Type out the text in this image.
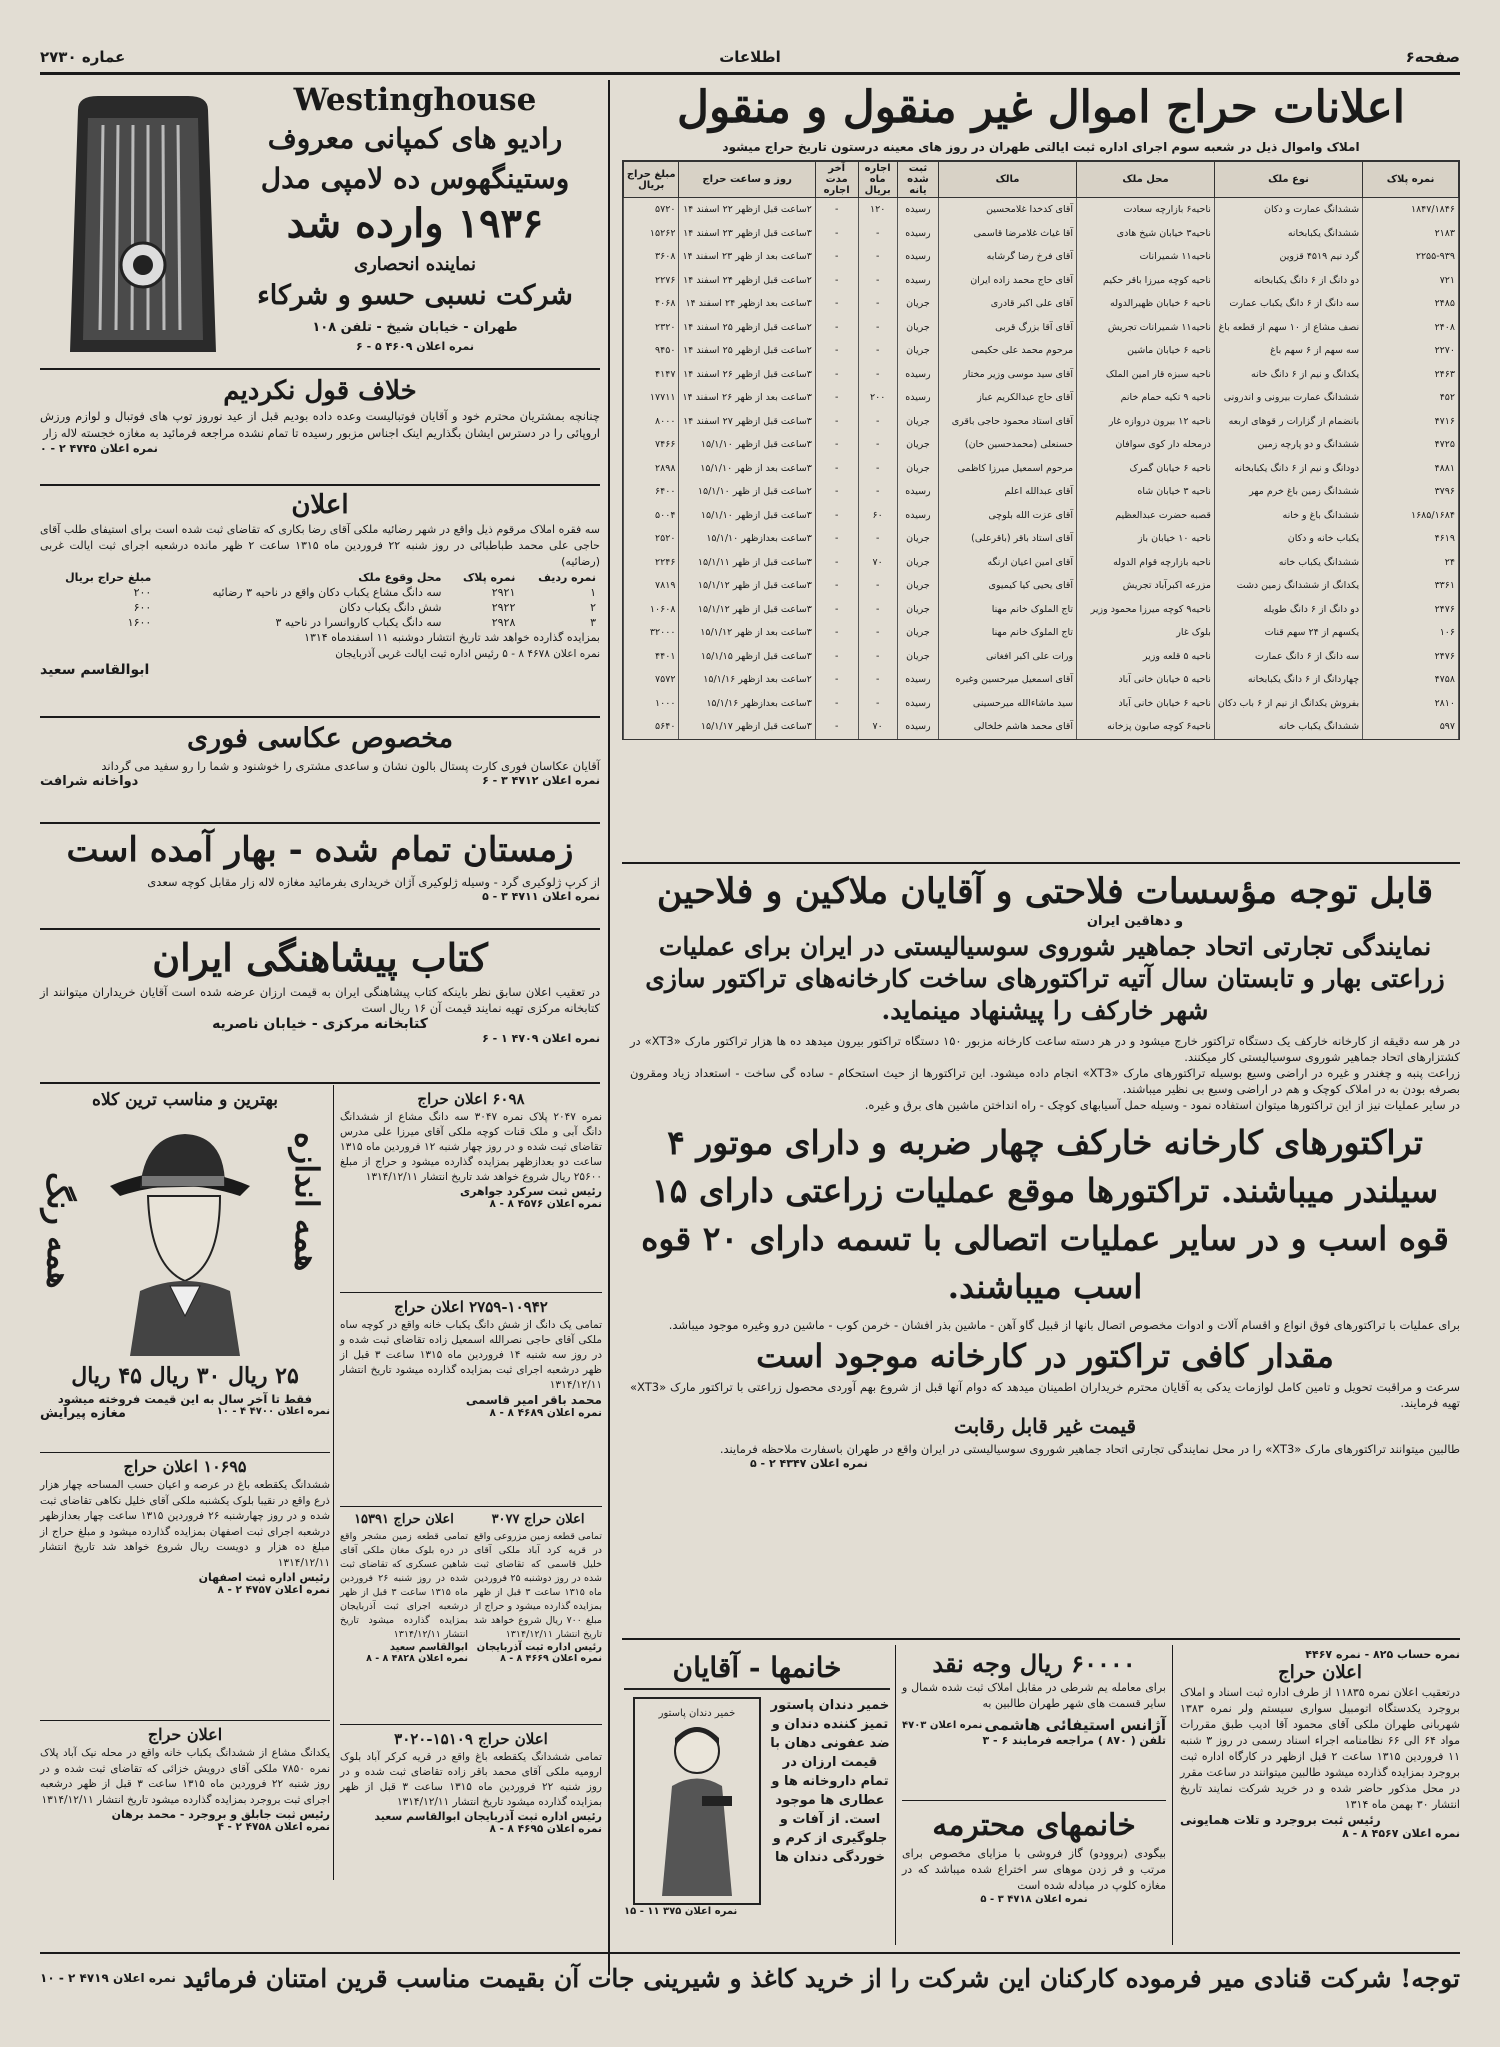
صفحه۶
اطلاعات
عماره ۲۷۳۰
اعلانات حراج اموال غیر منقول و منقول
املاک واموال ذیل در شعبه سوم اجرای اداره ثبت ایالتی طهران در روز های معینه درستون تاریخ حراج میشود
نمره پلاک	نوع ملک	محل ملک	مالک	ثبت شده یانه	اجاره ماه بریال	آخر مدت اجاره	روز و ساعت حراج	مبلغ حراج بریال
۱۸۴۷/۱۸۴۶	ششدانگ عمارت و دکان	ناحیه۶ بازارچه سعادت	آقای کدخدا غلامحسین	رسیده	۱۲۰	-	۲ساعت قبل ازظهر ۲۲ اسفند ۱۴	۵۷۲۰
۲۱۸۳	ششدانگ یکبابخانه	ناحیه۳ خیابان شیخ هادی	آقا غیاث غلامرضا قاسمی	رسیده	-	-	۳ساعت قبل ازظهر ۲۳ اسفند ۱۴	۱۵۲۶۲
۲۲۵۵-۹۳۹	گرد نیم ۴۵۱۹ قزوین	ناحیه۱۱ شمیرانات	آقای فرخ رضا گرشابه	رسیده	-	-	۳ساعت بعد از ظهر ۲۳ اسفند ۱۴	۳۶۰۸
۷۲۱	دو دانگ از ۶ دانگ یکبابخانه	ناحیه کوچه میرزا باقر حکیم	آقای حاج محمد زاده ایران	رسیده	-	-	۲ساعت قبل ازظهر ۲۴ اسفند ۱۴	۲۲۷۶
۲۴۸۵	سه دانگ از ۶ دانگ یکباب عمارت	ناحیه ۶ خیابان ظهیرالدوله	آقای علی اکبر قادری	جریان	-	-	۳ساعت بعد ازظهر ۲۴ اسفند ۱۴	۴۰۶۸
۲۴۰۸	نصف مشاع از ۱۰ سهم از قطعه باغ	ناحیه۱۱ شمیرانات تجریش	آقای آقا بزرگ قربی	جریان	-	-	۲ساعت قبل ازظهر ۲۵ اسفند ۱۴	۲۳۲۰
۲۲۷۰	سه سهم از ۶ سهم باغ	ناحیه ۶ خیابان ماشین	مرحوم محمد علی حکیمی	جریان	-	-	۲ساعت قبل ازظهر ۲۵ اسفند ۱۴	۹۴۵۰
۲۴۶۳	یکدانگ و نیم از ۶ دانگ خانه	ناحیه سبزه قار امین الملک	آقای سید موسی وزیر مختار	رسیده	-	-	۳ساعت قبل ازظهر ۲۶ اسفند ۱۴	۴۱۴۷
۴۵۲	ششدانگ عمارت بیرونی و اندرونی	ناحیه ۹ تکیه حمام خانم	آقای حاج عبدالکریم عباز	رسیده	۲۰۰	-	۳ساعت بعد از ظهر ۲۶ اسفند ۱۴	۱۷۷۱۱
۴۷۱۶	بانضمام از گزارات ر قوهای اربعه	ناحیه ۱۲ بیرون دروازه غار	آقای استاد محمود حاجی باقری	جریان	-	-	۳ساعت قبل ازظهر ۲۷ اسفند ۱۴	۸۰۰۰
۴۷۲۵	ششدانگ و دو پارچه زمین	درمحله دار کوی سوافان	حسنعلی (محمدحسین خان)	جریان	-	-	۳ساعت قبل ازظهر ۱۵/۱/۱۰	۷۴۶۶
۴۸۸۱	دودانگ و نیم از ۶ دانگ یکبابخانه	ناحیه ۶ خیابان گمرک	مرحوم اسمعیل میرزا کاظمی	جریان	-	-	۳ساعت بعد از ظهر ۱۵/۱/۱۰	۲۸۹۸
۳۷۹۶	ششدانگ زمین باغ خرم مهر	ناحیه ۳ خیابان شاه	آقای عبدالله اعلم	رسیده	-	-	۲ساعت قبل از ظهر ۱۵/۱/۱۰	۶۴۰۰
۱۶۸۵/۱۶۸۴	ششدانگ باغ و خانه	قصبه حضرت عبدالعظیم	آقای عزت الله بلوچی	رسیده	۶۰	-	۳ساعت قبل ازظهر ۱۵/۱/۱۰	۵۰۰۴
۴۶۱۹	یکباب خانه و دکان	ناحیه ۱۰ خیابان باز	آقای استاد باقر (باقرعلی)	جریان	-	-	۳ساعت بعدازظهر ۱۵/۱/۱۰	۲۵۲۰
۲۴	ششدانگ یکباب خانه	ناحیه بازارچه قوام الدوله	آقای امین اعیان ارنگه	جریان	۷۰	-	۳ساعت قبل از ظهر ۱۵/۱/۱۱	۲۲۴۶
۳۳۶۱	یکدانگ از ششدانگ زمین دشت	مزرعه اکبرآباد تجریش	آقای یحیی کیا کیمیوی	جریان	-	-	۳ساعت قبل از ظهر ۱۵/۱/۱۲	۷۸۱۹
۲۴۷۶	دو دانگ از ۶ دانگ طویله	ناحیه۹ کوچه میرزا محمود وزیر	تاج الملوک خانم مهنا	جریان	-	-	۳ساعت قبل از ظهر ۱۵/۱/۱۲	۱۰۶۰۸
۱۰۶	یکسهم از ۲۴ سهم قنات	بلوک غار	تاج الملوک خانم مهنا	جریان	-	-	۳ساعت بعد از ظهر ۱۵/۱/۱۲	۳۲۰۰۰
۲۴۷۶	سه دانگ از ۶ دانگ عمارت	ناحیه ۵ قلعه وزیر	ورات علی اکبر افغانی	جریان	-	-	۳ساعت قبل ازظهر ۱۵/۱/۱۵	۴۴۰۱
۴۷۵۸	چهاردانگ از ۶ دانگ یکبابخانه	ناحیه ۵ خیابان خانی آباد	آقای اسمعیل میرحسین وغیره	رسیده	-	-	۲ساعت بعد ازظهر ۱۵/۱/۱۶	۷۵۷۲
۲۸۱۰	بفروش یکدانگ از نیم از ۶ باب دکان	ناحیه ۶ خیابان خانی آباد	سید ماشاءالله میرحسینی	رسیده	-	-	۳ساعت بعدازظهر ۱۵/۱/۱۶	۱۰۰۰
۵۹۷	ششدانگ یکباب خانه	ناحیه۶ کوچه صابون پزخانه	آقای محمد هاشم خلخالی	رسیده	۷۰	-	۳ساعت قبل ازظهر ۱۵/۱/۱۷	۵۶۴۰
قابل توجه مؤسسات فلاحتی و آقایان ملاکین و فلاحین
و دهاقین ایران
نمایندگی تجارتی اتحاد جماهیر شوروی سوسیالیستی در ایران برای عملیات زراعتی بهار و تابستان سال آتیه تراکتورهای ساخت کارخانه‌های تراکتور سازی شهر خارکف را پیشنهاد مینماید.
در هر سه دقیقه از کارخانه خارکف یک دستگاه تراکتور خارج میشود و در هر دسته ساعت کارخانه مزبور ۱۵۰ دستگاه تراکتور بیرون میدهد ده ها هزار تراکتور مارک «XT3» در کشتزارهای اتحاد جماهیر شوروی سوسیالیستی کار میکنند.
زراعت پنبه و چغندر و غیره در اراضی وسیع بوسیله تراکتورهای مارک «XT3» انجام داده میشود. این تراکتورها از حیث استحکام - ساده گی ساخت - استعداد زیاد ومقرون بصرفه بودن به در املاک کوچک و هم در اراضی وسیع بی نظیر میباشند.
در سایر عملیات نیز از این تراکتورها میتوان استفاده نمود - وسیله حمل آسیابهای کوچک - راه انداختن ماشین های برق و غیره.
تراکتورهای کارخانه خارکف چهار ضربه و دارای موتور ۴ سیلندر میباشند. تراکتورها موقع عملیات زراعتی دارای ۱۵ قوه اسب و در سایر عملیات اتصالی با تسمه دارای ۲۰ قوه اسب میباشند.
برای عملیات با تراکتورهای فوق انواع و اقسام آلات و ادوات مخصوص اتصال بانها از قبیل گاو آهن - ماشین بذر افشان - خرمن کوب - ماشین درو وغیره موجود میباشد.
مقدار کافی تراکتور در کارخانه موجود است
سرعت و مراقبت تحویل و تامین کامل لوازمات یدکی به آقایان محترم خریداران اطمینان میدهد که دوام آنها قبل از شروع بهم آوردی محصول زراعتی با تراکتور مارک «XT3» تهیه فرمایند.
قیمت غیر قابل رقابت
طالبین میتوانند تراکتورهای مارک «XT3» را در محل نمایندگی تجارتی اتحاد جماهیر شوروی سوسیالیستی در ایران واقع در طهران باسفارت ملاحظه فرمایند.
نمره اعلان ۴۳۴۷ ۲ - ۵
نمره حساب ۸۲۵ - نمره ۴۴۶۷
اعلان حراج
درتعقیب اعلان نمره ۱۱۸۳۵ از طرف اداره ثبت اسناد و املاک بروجرد یکدستگاه اتومبیل سواری سیستم ولر نمره ۱۳۸۳ شهربانی طهران ملکی آقای محمود آقا ادیب طبق مقررات مواد ۶۴ الی ۶۶ نظامنامه اجراء اسناد رسمی در روز ۳ شنبه ۱۱ فروردین ۱۳۱۵ ساعت ۲ قبل ازظهر در کارگاه اداره ثبت بروجرد بمزایده گذارده میشود طالبین میتوانند در ساعت مقرر در محل مذکور حاضر شده و در خرید شرکت نمایند تاریخ انتشار ۳۰ بهمن ماه ۱۳۱۴
رئیس ثبت بروجرد و تلات همایونی
نمره اعلان ۴۵۶۷ ۸ - ۸
۶۰۰۰۰ ریال وجه نقد
برای معامله یم شرطی در مقابل املاک ثبت شده شمال و سایر قسمت های شهر طهران طالبین به
آژانس استیفائی هاشمی
نمره اعلان ۴۷۰۳
تلفن ( ۸۷۰ ) مراجعه فرمایند ۶ - ۳
خانمهای محترمه
بیگودی (بروودو) گاز فروشی با مزایای مخصوص برای مرتب و فر زدن موهای سر اختراع شده میباشد که در مغازه کلوپ در مبادله شده است
نمره اعلان ۴۷۱۸ ۳ - ۵
خانمها - آقایان
خمیر دندان پاستور تمیز کننده دندان و ضد عفونی دهان با قیمت ارزان در تمام داروخانه ها و عطاری ها موجود است. از آفات و جلوگیری از کرم و خوردگی دندان ها
خمیر دندان پاستور
نمره اعلان ۳۷۵ ۱۱ - ۱۵
Westinghouse
رادیو های کمپانی معروف
وستینگهوس ده لامپی مدل
۱۹۳۶ وارده شد
نماینده انحصاری
شرکت نسبی حسو و شرکاء
طهران - خیابان شیخ - تلفن ۱۰۸
نمره اعلان ۴۶۰۹ ۵ - ۶
خلاف قول نکردیم
چنانچه بمشتریان محترم خود و آقایان فوتبالیست وعده داده بودیم قبل از عید نوروز توپ های فوتبال و لوازم ورزش اروپائی را در دسترس ایشان بگذاریم اینک اجناس مزبور رسیده تا تمام نشده مراجعه فرمائید به مغازه خجسته لاله زار
نمره اعلان ۴۷۴۵ ۲ - ۰
اعلان
سه فقره املاک مرقوم ذیل واقع در شهر رضائیه ملکی آقای رضا بکاری که تقاضای ثبت شده است برای استیفای طلب آقای حاجی علی محمد طباطبائی در روز شنبه ۲۲ فروردین ماه ۱۳۱۵ ساعت ۲ ظهر مانده درشعبه اجرای ثبت ایالت غربی (رضائیه)
نمره ردیف	نمره پلاک	محل وقوع ملک	مبلغ حراج بریال
۱	۲۹۲۱	سه دانگ مشاع یکباب دکان واقع در ناحیه ۳ رضائیه	۲۰۰
۲	۲۹۲۲	شش دانگ یکباب دکان	۶۰۰
۳	۲۹۲۸	سه دانگ یکباب کاروانسرا در ناحیه ۳	۱۶۰۰
بمزایده گذارده خواهد شد تاریخ انتشار دوشنبه ۱۱ اسفندماه ۱۳۱۴
نمره اعلان ۴۶۷۸ ۸ - ۵ رئیس اداره ثبت ایالت غربی آذربایجان
ابوالقاسم سعید
مخصوص عکاسی فوری
آقایان عکاسان فوری کارت پستال بالون نشان و ساعدی مشتری را خوشنود و شما را رو سفید می گرداند
نمره اعلان ۴۷۱۲ ۳ - ۶
دواخانه شرافت
زمستان تمام شده - بهار آمده است
از کرپ ژلوکیری گرد - وسیله ژلوکیری آژان خریداری بفرمائید مغازه لاله زار مقابل کوچه سعدی
نمره اعلان ۴۷۱۱ ۳ - ۵
کتاب پیشاهنگی ایران
در تعقیب اعلان سابق نظر باینکه کتاب پیشاهنگی ایران به قیمت ارزان عرضه شده است آقایان خریداران میتوانند از کتابخانه مرکزی تهیه نمایند قیمت آن ۱۶ ریال است
کتابخانه مرکزی - خیابان ناصریه
نمره اعلان ۴۷۰۹ ۱ - ۶
بهترین و مناسب ترین کلاه
همه اندازه
همه رنگ
۲۵ ریال ۳۰ ریال ۴۵ ریال
فقط تا آخر سال به این قیمت فروخته میشود
نمره اعلان ۴۷۰۰ ۴ - ۱۰
مغازه پیرایش
۱۰۶۹۵ اعلان حراج
ششدانگ یکقطعه باغ در عرصه و اعیان حسب المساحه چهار هزار ذرع واقع در نقیبا بلوک یکشنبه ملکی آقای خلیل نکاهی تقاضای ثبت شده و در روز چهارشنبه ۲۶ فروردین ۱۳۱۵ ساعت چهار بعدازظهر درشعبه اجرای ثبت اصفهان بمزایده گذارده میشود و مبلغ حراج از مبلغ ده هزار و دویست ریال شروع خواهد شد تاریخ انتشار ۱۳۱۴/۱۲/۱۱
رئیس اداره ثبت اصفهان
نمره اعلان ۴۷۵۷ ۲ - ۸
اعلان حراج
یکدانگ مشاع از ششدانگ یکباب خانه واقع در محله نیک آباد پلاک نمره ۷۸۵۰ ملکی آقای درویش خزائی که تقاضای ثبت شده و در روز شنبه ۲۲ فروردین ماه ۱۳۱۵ ساعت ۳ قبل از ظهر درشعبه اجرای ثبت بروجرد بمزایده گذارده میشود تاریخ انتشار ۱۳۱۴/۱۲/۱۱
رئیس ثبت جابلق و بروجرد - محمد برهان
نمره اعلان ۴۷۵۸ ۲ - ۴
۶۰۹۸ اعلان حراج
نمره ۲۰۴۷ پلاک نمره ۳۰۴۷ سه دانگ مشاع از ششدانگ دانگ آبی و ملک قنات کوچه ملکی آقای میرزا علی مدرس تقاضای ثبت شده و در روز چهار شنبه ۱۲ فروردین ماه ۱۳۱۵ ساعت دو بعدازظهر بمزایده گذارده میشود و حراج از مبلغ ۲۵۶۰۰ ریال شروع خواهد شد تاریخ انتشار ۱۳۱۴/۱۲/۱۱
رئیس ثبت سرکرد جواهری
نمره اعلان ۴۵۷۶ ۸ - ۸
۲۷۵۹-۱۰۹۴۲ اعلان حراج
تمامی یک دانگ از شش دانگ یکباب خانه واقع در کوچه ساه ملکی آقای حاجی نصرالله اسمعیل زاده تقاضای ثبت شده و در روز سه شنبه ۱۴ فروردین ماه ۱۳۱۵ ساعت ۳ قبل از ظهر درشعبه اجرای ثبت بمزایده گذارده میشود تاریخ انتشار ۱۳۱۴/۱۲/۱۱
محمد باقر امیر قاسمی
نمره اعلان ۴۶۸۹ ۸ - ۸
اعلان حراج ۱۵۳۹۱
تمامی قطعه زمین مشجر واقع در دره بلوک مغان ملکی آقای شاهین عسکری که تقاضای ثبت شده در روز شنبه ۲۶ فروردین ماه ۱۳۱۵ ساعت ۳ قبل از ظهر درشعبه اجرای ثبت آذربایجان بمزایده گذارده میشود تاریخ انتشار ۱۳۱۴/۱۲/۱۱
ابوالقاسم سعید
نمره اعلان ۴۸۲۸ ۸ - ۸
اعلان حراج ۳۰۷۷
تمامی قطعه زمین مزروعی واقع در قریه کرد آباد ملکی آقای خلیل قاسمی که تقاضای ثبت شده در روز دوشنبه ۲۵ فروردین ماه ۱۳۱۵ ساعت ۳ قبل از ظهر بمزایده گذارده میشود و حراج از مبلغ ۷۰۰ ریال شروع خواهد شد تاریخ انتشار ۱۳۱۴/۱۲/۱۱
رئیس اداره ثبت آذربایجان
نمره اعلان ۴۶۶۹ ۸ - ۸
اعلان حراج ۱۵۱۰۹-۳۰۲۰
تمامی ششدانگ یکقطعه باغ واقع در قریه کرکر آباد بلوک ارومیه ملکی آقای محمد باقر زاده تقاضای ثبت شده و در روز شنبه ۲۲ فروردین ماه ۱۳۱۵ ساعت ۳ قبل از ظهر بمزایده گذارده میشود تاریخ انتشار ۱۳۱۴/۱۲/۱۱
رئیس اداره ثبت آذربایجان ابوالقاسم سعید
نمره اعلان ۴۶۹۵ ۸ - ۸
توجه! شرکت قنادی میر فرموده کارکنان این شرکت را از خرید کاغذ و شیرینی جات آن بقیمت مناسب قرین امتنان فرمائید
نمره اعلان ۴۷۱۹ ۲ - ۱۰
